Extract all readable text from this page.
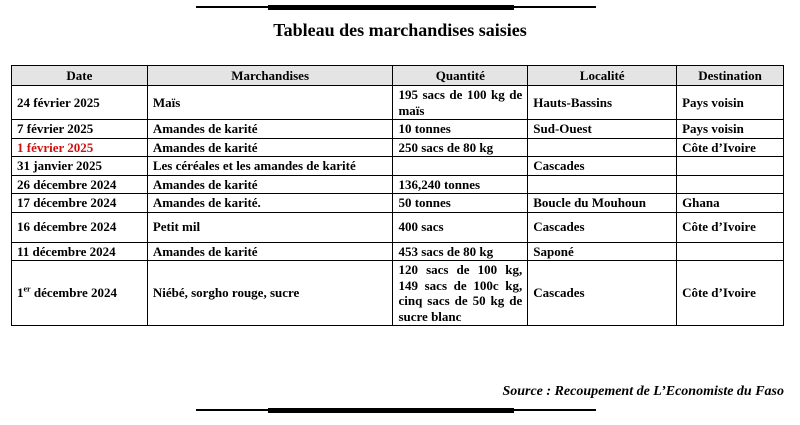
Tableau des marchandises saisies
Date	Marchandises	Quantité	Localité	Destination
24 février 2025	Maïs	195 sacs de 100 kg de maïs	Hauts-Bassins	Pays voisin
7 février 2025	Amandes de karité	10 tonnes	Sud-Ouest	Pays voisin
1 février 2025	Amandes de karité	250 sacs de 80 kg		Côte d’Ivoire
31 janvier 2025	Les céréales et les amandes de karité		Cascades	
26 décembre 2024	Amandes de karité	136,240 tonnes		
17 décembre 2024	Amandes de karité.	50 tonnes	Boucle du Mouhoun	Ghana
16 décembre 2024	Petit mil	400 sacs	Cascades	Côte d’Ivoire
11 décembre 2024	Amandes de karité	453 sacs de 80 kg	Saponé	
1er décembre 2024	Niébé, sorgho rouge, sucre	120 sacs de 100 kg, 149 sacs de 100c kg, cinq sacs de 50 kg de sucre blanc	Cascades	Côte d’Ivoire
Source : Recoupement de L’Economiste du Faso
